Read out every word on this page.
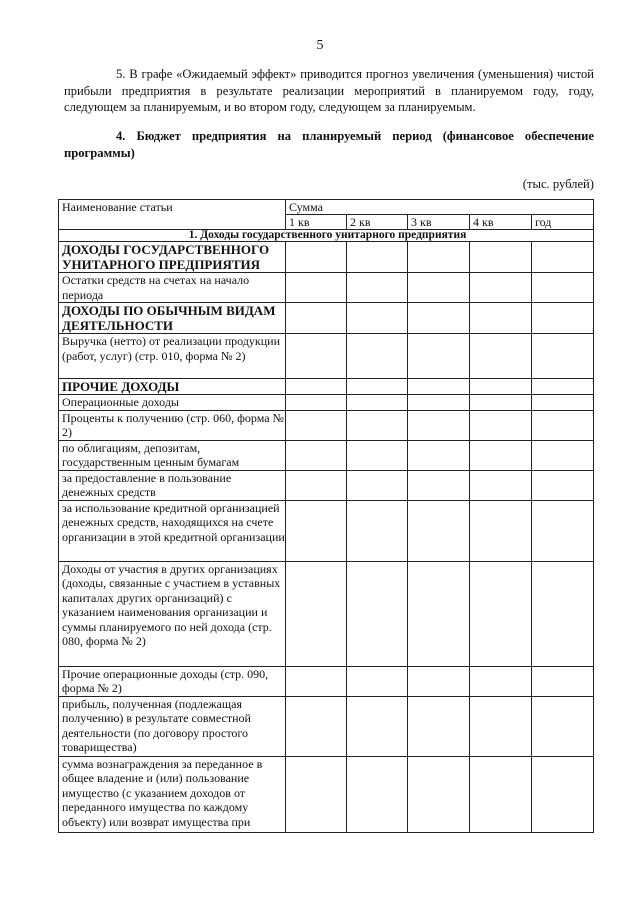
5
5. В графе «Ожидаемый эффект» приводится прогноз увеличения (уменьшения) чистой прибыли предприятия в результате реализации мероприятий в планируемом году, году, следующем за планируемым, и во втором году, следующем за планируемым.
4. Бюджет предприятия на планируемый период (финансовое обеспечение программы)
(тыс. рублей)
Наименование статьи	Сумма				
	1 кв	2 кв	3 кв	4 кв	год
1. Доходы государственного унитарного предприятия					
ДОХОДЫ ГОСУДАРСТВЕННОГО УНИТАРНОГО ПРЕДПРИЯТИЯ					
Остатки средств на счетах на начало периода					
ДОХОДЫ ПО ОБЫЧНЫМ ВИДАМ ДЕЯТЕЛЬНОСТИ					
Выручка (нетто) от реализации продукции (работ, услуг) (стр. 010, форма № 2)					
ПРОЧИЕ ДОХОДЫ					
Операционные доходы					
Проценты к получению (стр. 060, форма № 2)					
по облигациям, депозитам, государственным ценным бумагам					
за предоставление в пользование денежных средств					
за использование кредитной организацией денежных средств, находящихся на счете организации в этой кредитной организации					
Доходы от участия в других организациях (доходы, связанные с участием в уставных капиталах других организаций) с указанием наименования организации и суммы планируемого по ней дохода (стр. 080, форма № 2)					
Прочие операционные доходы (стр. 090, форма № 2)					
прибыль, полученная (подлежащая получению) в результате совместной деятельности (по договору простого товарищества)					
сумма вознаграждения за переданное в общее владение и (или) пользование имущество (с указанием доходов от переданного имущества по каждому объекту) или возврат имущества при					
